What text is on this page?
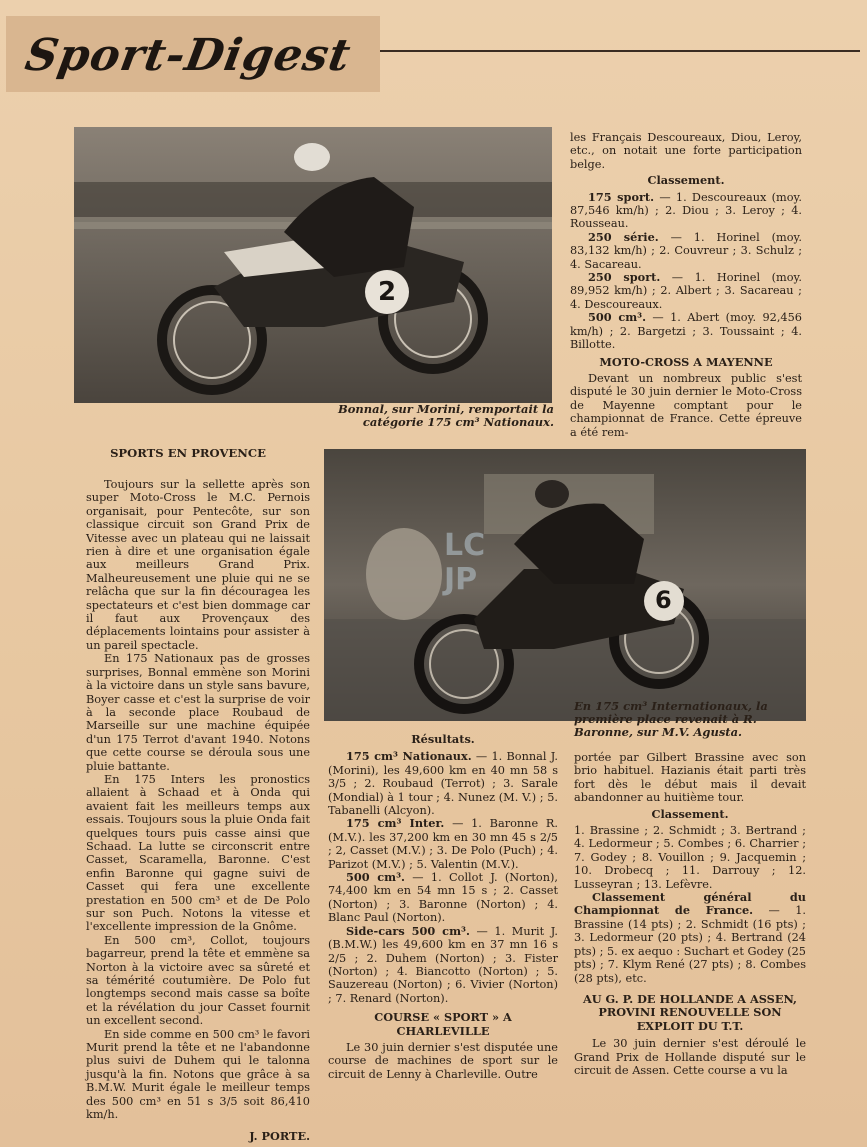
Sport-Digest
2
Bonnal, sur Morini, remportait la catégorie 175 cm³ Nationaux.
6
LC JP
En 175 cm³ Internationaux, la première place revenait à R. Baronne, sur M.V. Agusta.
SPORTS EN PROVENCE

Toujours sur la sellette après son super Moto-Cross le M.C. Pernois organisait, pour Pentecôte, sur son classique circuit son Grand Prix de Vitesse avec un plateau qui ne laissait rien à dire et une organisation égale aux meilleurs Grand Prix. Malheureusement une pluie qui ne se relâcha que sur la fin découragea les spectateurs et c'est bien dommage car il faut aux Provençaux des déplacements lointains pour assister à un pareil spectacle.

En 175 Nationaux pas de grosses surprises, Bonnal emmène son Morini à la victoire dans un style sans bavure, Boyer casse et c'est la surprise de voir à la seconde place Roubaud de Marseille sur une machine équipée d'un 175 Terrot d'avant 1940. Notons que cette course se déroula sous une pluie battante.

En 175 Inters les pronostics allaient à Schaad et à Onda qui avaient fait les meilleurs temps aux essais. Toujours sous la pluie Onda fait quelques tours puis casse ainsi que Schaad. La lutte se circonscrit entre Casset, Scaramella, Baronne. C'est enfin Baronne qui gagne suivi de Casset qui fera une excellente prestation en 500 cm³ et de De Polo sur son Puch. Notons la vitesse et l'excellente impression de la Gnôme.

En 500 cm³, Collot, toujours bagarreur, prend la tête et emmène sa Norton à la victoire avec sa sûreté et sa témérité coutumière. De Polo fut longtemps second mais casse sa boîte et la révélation du jour Casset fournit un excellent second.

En side comme en 500 cm³ le favori Murit prend la tête et ne l'abandonne plus suivi de Duhem qui le talonna jusqu'à la fin. Notons que grâce à sa B.M.W. Murit égale le meilleur temps des 500 cm³ en 51 s 3/5 soit 86,410 km/h.

J. PORTE.

Résultats.

175 cm³ Nationaux. — 1. Bonnal J. (Morini), les 49,600 km en 40 mn 58 s 3/5 ; 2. Roubaud (Terrot) ; 3. Sarale (Mondial) à 1 tour ; 4. Nunez (M. V.) ; 5. Tabanelli (Alcyon).

175 cm³ Inter. — 1. Baronne R. (M.V.). les 37,200 km en 30 mn 45 s 2/5 ; 2, Casset (M.V.) ; 3. De Polo (Puch) ; 4. Parizot (M.V.) ; 5. Valentin (M.V.).

500 cm³. — 1. Collot J. (Norton), 74,400 km en 54 mn 15 s ; 2. Casset (Norton) ; 3. Baronne (Norton) ; 4. Blanc Paul (Norton).

Side-cars 500 cm³. — 1. Murit J. (B.M.W.) les 49,600 km en 37 mn 16 s 2/5 ; 2. Duhem (Norton) ; 3. Fister (Norton) ; 4. Biancotto (Norton) ; 5. Sauzereau (Norton) ; 6. Vivier (Norton) ; 7. Renard (Norton).

COURSE « SPORT » A CHARLEVILLE

Le 30 juin dernier s'est disputée une course de machines de sport sur le circuit de Lenny à Charleville. Outre

les Français Descoureaux, Diou, Leroy, etc., on notait une forte participation belge.

Classement.

175 sport. — 1. Descoureaux (moy. 87,546 km/h) ; 2. Diou ; 3. Leroy ; 4. Rousseau.

250 série. — 1. Horinel (moy. 83,132 km/h) ; 2. Couvreur ; 3. Schulz ; 4. Sacareau.

250 sport. — 1. Horinel (moy. 89,952 km/h) ; 2. Albert ; 3. Sacareau ; 4. Descoureaux.

500 cm³. — 1. Abert (moy. 92,456 km/h) ; 2. Bargetzi ; 3. Toussaint ; 4. Billotte.

MOTO-CROSS A MAYENNE

Devant un nombreux public s'est disputé le 30 juin dernier le Moto-Cross de Mayenne comptant pour le championnat de France. Cette épreuve a été rem-

portée par Gilbert Brassine avec son brio habituel. Hazianis était parti très fort dès le début mais il devait abandonner au huitième tour.

Classement.

1. Brassine ; 2. Schmidt ; 3. Bertrand ; 4. Ledormeur ; 5. Combes ; 6. Charrier ; 7. Godey ; 8. Vouillon ; 9. Jacquemin ; 10. Drobecq ; 11. Darrouy ; 12. Lusseyran ; 13. Lefèvre.

Classement général du Championnat de France. — 1. Brassine (14 pts) ; 2. Schmidt (16 pts) ; 3. Ledormeur (20 pts) ; 4. Bertrand (24 pts) ; 5. ex aequo : Suchart et Godey (25 pts) ; 7. Klym René (27 pts) ; 8. Combes (28 pts), etc.

AU G. P. DE HOLLANDE A ASSEN, PROVINI RENOUVELLE SON EXPLOIT DU T.T.

Le 30 juin dernier s'est déroulé le Grand Prix de Hollande disputé sur le circuit de Assen. Cette course a vu la
